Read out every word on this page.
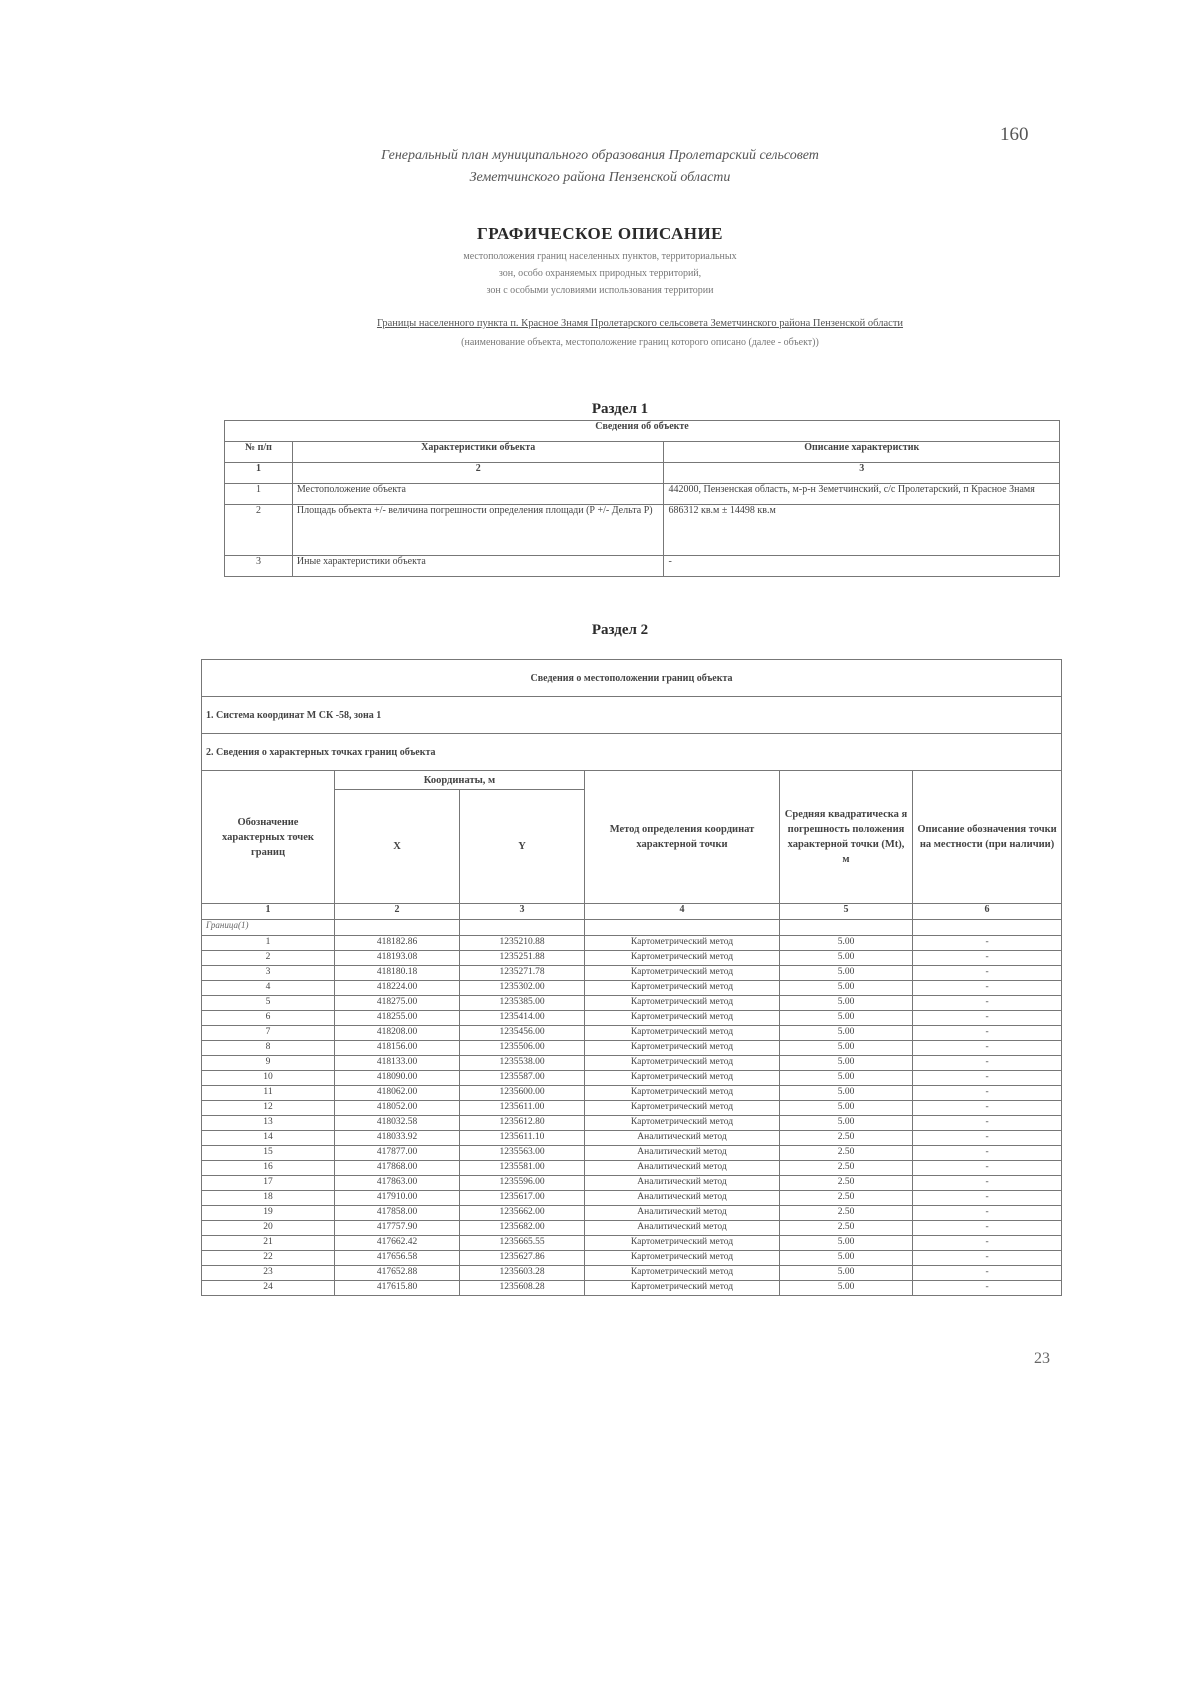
160
Генеральный план муниципального образования Пролетарский сельсовет
Земетчинского района Пензенской области
ГРАФИЧЕСКОЕ ОПИСАНИЕ
местоположения границ населенных пунктов, территориальных
зон, особо охраняемых природных территорий,
зон с особыми условиями использования территории
Границы населенного пункта п. Красное Знамя Пролетарского сельсовета Земетчинского района Пензенской области
(наименование объекта, местоположение границ которого описано (далее - объект))
Раздел 1
Сведения об объекте		
№ п/п	Характеристики объекта	Описание характеристик
1	2	3
1	Местоположение объекта	442000, Пензенская область, м-р-н Земетчинский, с/с Пролетарский, п Красное Знамя
2	Площадь объекта +/- величина погрешности определения площади (Р +/- Дельта Р)	686312 кв.м ± 14498 кв.м
3	Иные характеристики объекта	-
Раздел 2
Сведения о местоположении границ объекта					
1. Система координат М СК -58, зона 1					
2. Сведения о характерных точках границ объекта					
Обозначение характерных точек границ	Координаты, м		Метод определения координат характерной точки	Средняя квадратическа я погрешность положения характерной точки (Мt), м	Описание обозначения точки на местности (при наличии)
	X	Y			
1	2	3	4	5	6
Граница(1)					
1	418182.86	1235210.88	Картометрический метод	5.00	-
2	418193.08	1235251.88	Картометрический метод	5.00	-
3	418180.18	1235271.78	Картометрический метод	5.00	-
4	418224.00	1235302.00	Картометрический метод	5.00	-
5	418275.00	1235385.00	Картометрический метод	5.00	-
6	418255.00	1235414.00	Картометрический метод	5.00	-
7	418208.00	1235456.00	Картометрический метод	5.00	-
8	418156.00	1235506.00	Картометрический метод	5.00	-
9	418133.00	1235538.00	Картометрический метод	5.00	-
10	418090.00	1235587.00	Картометрический метод	5.00	-
11	418062.00	1235600.00	Картометрический метод	5.00	-
12	418052.00	1235611.00	Картометрический метод	5.00	-
13	418032.58	1235612.80	Картометрический метод	5.00	-
14	418033.92	1235611.10	Аналитический метод	2.50	-
15	417877.00	1235563.00	Аналитический метод	2.50	-
16	417868.00	1235581.00	Аналитический метод	2.50	-
17	417863.00	1235596.00	Аналитический метод	2.50	-
18	417910.00	1235617.00	Аналитический метод	2.50	-
19	417858.00	1235662.00	Аналитический метод	2.50	-
20	417757.90	1235682.00	Аналитический метод	2.50	-
21	417662.42	1235665.55	Картометрический метод	5.00	-
22	417656.58	1235627.86	Картометрический метод	5.00	-
23	417652.88	1235603.28	Картометрический метод	5.00	-
24	417615.80	1235608.28	Картометрический метод	5.00	-
23
